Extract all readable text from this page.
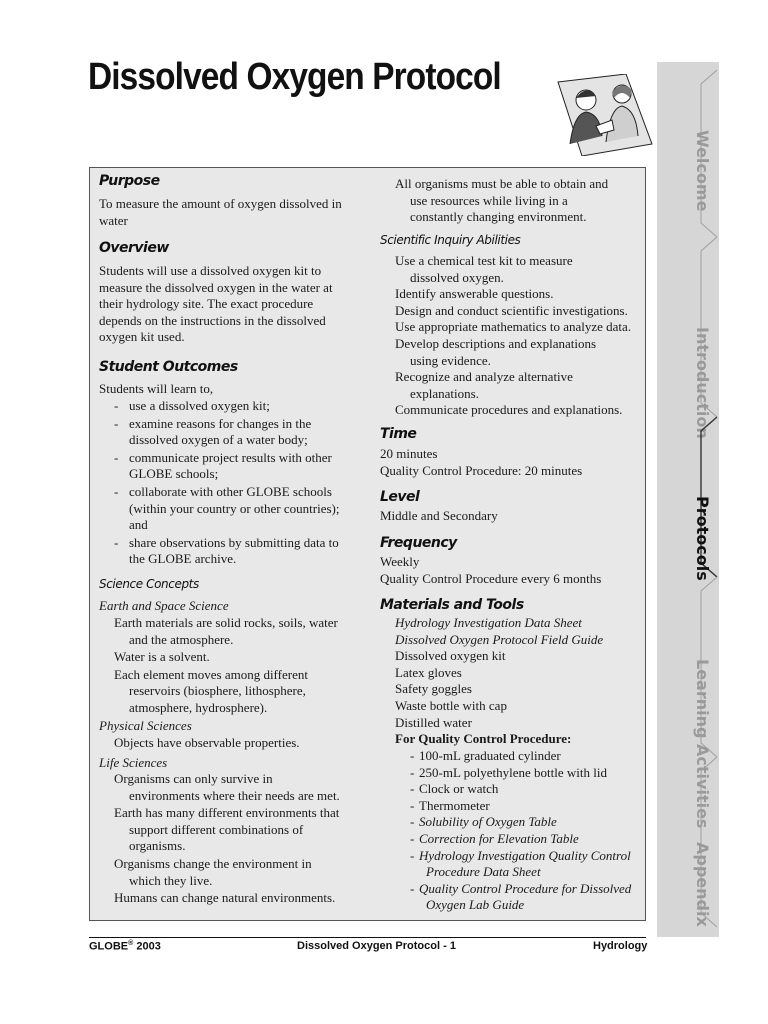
Dissolved Oxygen Protocol
Purpose
To measure the amount of oxygen dissolved in
water
Overview
Students will use a dissolved oxygen kit to
measure the dissolved oxygen in the water at
their hydrology site. The exact procedure
depends on the instructions in the dissolved
oxygen kit used.
Student Outcomes
Students will learn to,
- use a dissolved oxygen kit;
- examine reasons for changes in the
dissolved oxygen of a water body;
- communicate project results with other
GLOBE schools;
- collaborate with other GLOBE schools
(within your country or other countries);
and
- share observations by submitting data to
the GLOBE archive.
Science Concepts
Earth and Space Science
Earth materials are solid rocks, soils, water
and the atmosphere.
Water is a solvent.
Each element moves among different
reservoirs (biosphere, lithosphere,
atmosphere, hydrosphere).
Physical Sciences
Objects have observable properties.
Life Sciences
Organisms can only survive in
environments where their needs are met.
Earth has many different environments that
support different combinations of
organisms.
Organisms change the environment in
which they live.
Humans can change natural environments.
All organisms must be able to obtain and
use resources while living in a
constantly changing environment.
Scientific Inquiry Abilities
Use a chemical test kit to measure
dissolved oxygen.
Identify answerable questions.
Design and conduct scientific investigations.
Use appropriate mathematics to analyze data.
Develop descriptions and explanations
using evidence.
Recognize and analyze alternative
explanations.
Communicate procedures and explanations.
Time
20 minutes
Quality Control Procedure: 20 minutes
Level
Middle and Secondary
Frequency
Weekly
Quality Control Procedure every 6 months
Materials and Tools
Hydrology Investigation Data Sheet
Dissolved Oxygen Protocol Field Guide
Dissolved oxygen kit
Latex gloves
Safety goggles
Waste bottle with cap
Distilled water
For Quality Control Procedure:
- 100-mL graduated cylinder
- 250-mL polyethylene bottle with lid
- Clock or watch
- Thermometer
- Solubility of Oxygen Table
- Correction for Elevation Table
- Hydrology Investigation Quality Control
Procedure Data Sheet
- Quality Control Procedure for Dissolved
Oxygen Lab Guide
Welcome
Introduction
Protocols
Learning Activities
Appendix
GLOBE® 2003	Dissolved Oxygen Protocol - 1	Hydrology
